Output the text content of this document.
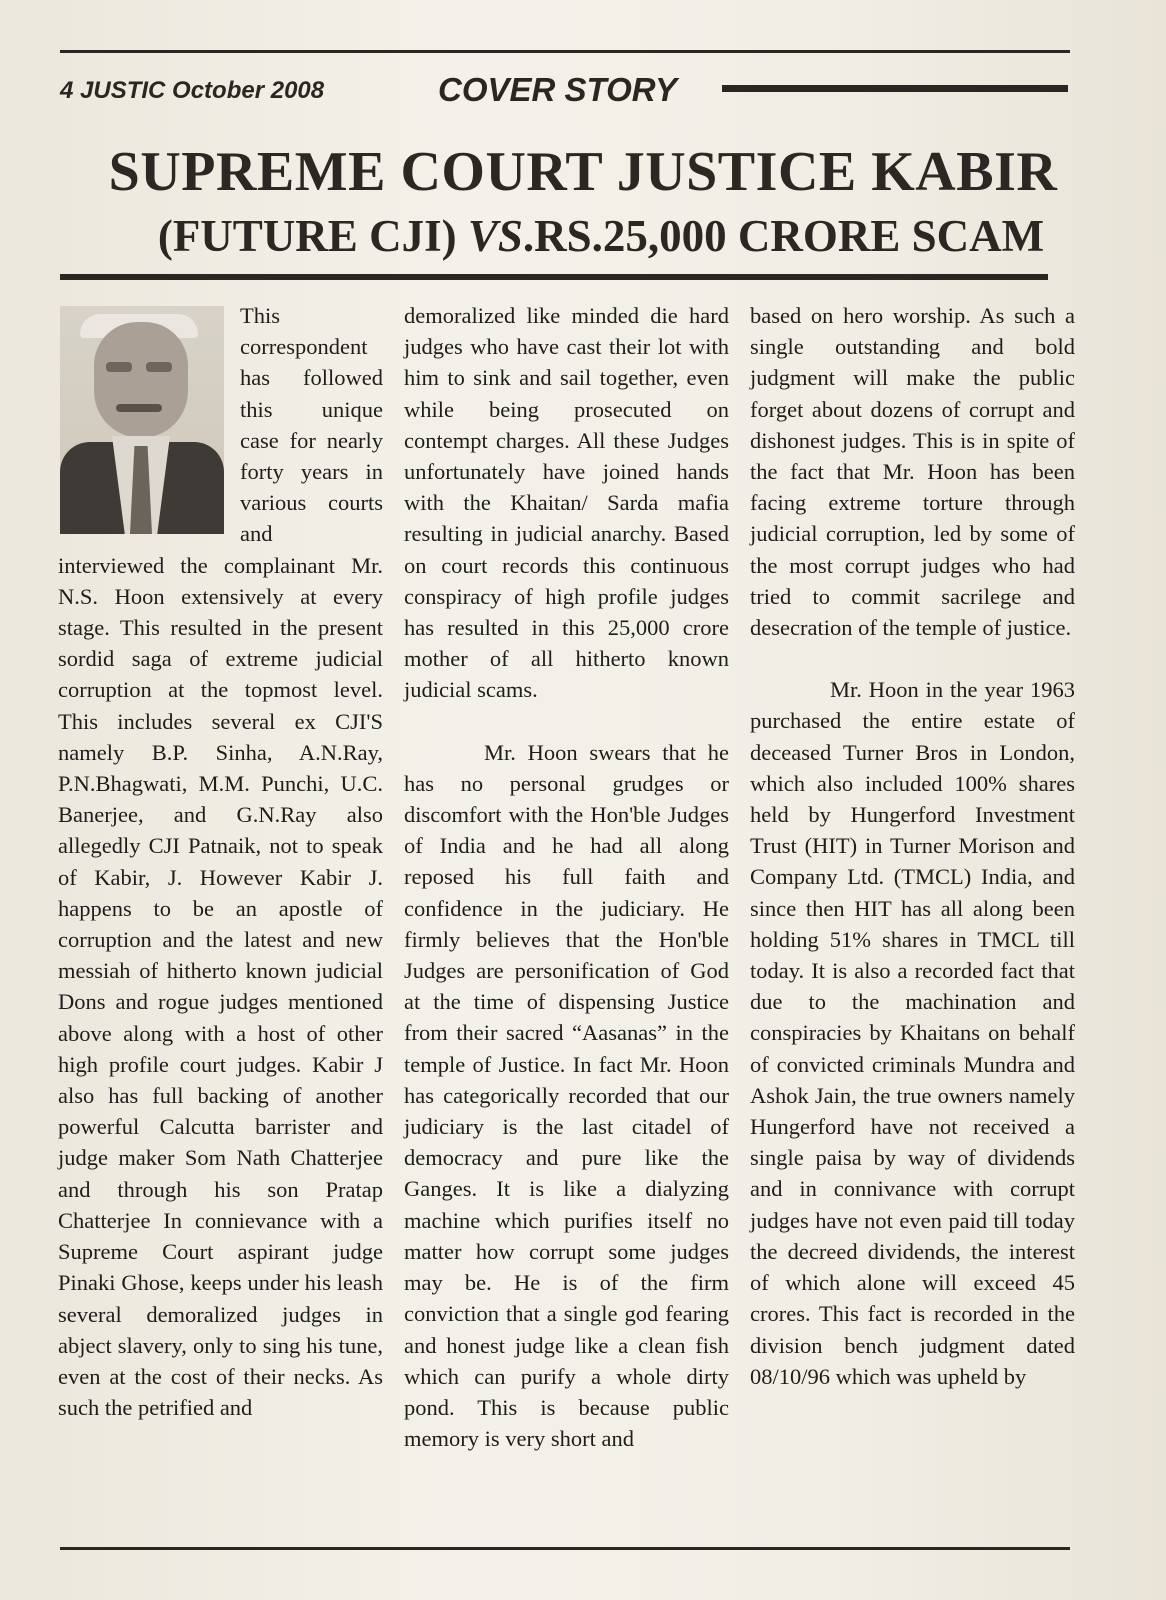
4 JUSTIC October 2008	COVER STORY
SUPREME COURT JUSTICE KABIR
(FUTURE CJI) VS.RS.25,000 CRORE SCAM

This correspondent has followed this unique case for nearly forty years in various courts and interviewed the complainant Mr. N.S. Hoon extensively at every stage. This resulted in the present sordid saga of extreme judicial corruption at the topmost level. This includes several ex CJI'S namely B.P. Sinha, A.N.Ray, P.N.Bhagwati, M.M. Punchi, U.C. Banerjee, and G.N.Ray also allegedly CJI Patnaik, not to speak of Kabir, J. However Kabir J. happens to be an apostle of corruption and the latest and new messiah of hitherto known judicial Dons and rogue judges mentioned above along with a host of other high profile court judges. Kabir J also has full backing of another powerful Calcutta barrister and judge maker Som Nath Chatterjee and through his son Pratap Chatterjee In connievance with a Supreme Court aspirant judge Pinaki Ghose, keeps under his leash several demoralized judges in abject slavery, only to sing his tune, even at the cost of their necks. As such the petrified and

demoralized like minded die hard judges who have cast their lot with him to sink and sail together, even while being prosecuted on contempt charges. All these Judges unfortunately have joined hands with the Khaitan/ Sarda mafia resulting in judicial anarchy. Based on court records this continuous conspiracy of high profile judges has resulted in this 25,000 crore mother of all hitherto known judicial scams.

Mr. Hoon swears that he has no personal grudges or discomfort with the Hon'ble Judges of India and he had all along reposed his full faith and confidence in the judiciary. He firmly believes that the Hon'ble Judges are personification of God at the time of dispensing Justice from their sacred “Aasanas” in the temple of Justice. In fact Mr. Hoon has categorically recorded that our judiciary is the last citadel of democracy and pure like the Ganges. It is like a dialyzing machine which purifies itself no matter how corrupt some judges may be. He is of the firm conviction that a single god fearing and honest judge like a clean fish which can purify a whole dirty pond. This is because public memory is very short and

based on hero worship. As such a single outstanding and bold judgment will make the public forget about dozens of corrupt and dishonest judges. This is in spite of the fact that Mr. Hoon has been facing extreme torture through judicial corruption, led by some of the most corrupt judges who had tried to commit sacrilege and desecration of the temple of justice.

Mr. Hoon in the year 1963 purchased the entire estate of deceased Turner Bros in London, which also included 100% shares held by Hungerford Investment Trust (HIT) in Turner Morison and Company Ltd. (TMCL) India, and since then HIT has all along been holding 51% shares in TMCL till today. It is also a recorded fact that due to the machination and conspiracies by Khaitans on behalf of convicted criminals Mundra and Ashok Jain, the true owners namely Hungerford have not received a single paisa by way of dividends and in connivance with corrupt judges have not even paid till today the decreed dividends, the interest of which alone will exceed 45 crores. This fact is recorded in the division bench judgment dated 08/10/96 which was upheld by
